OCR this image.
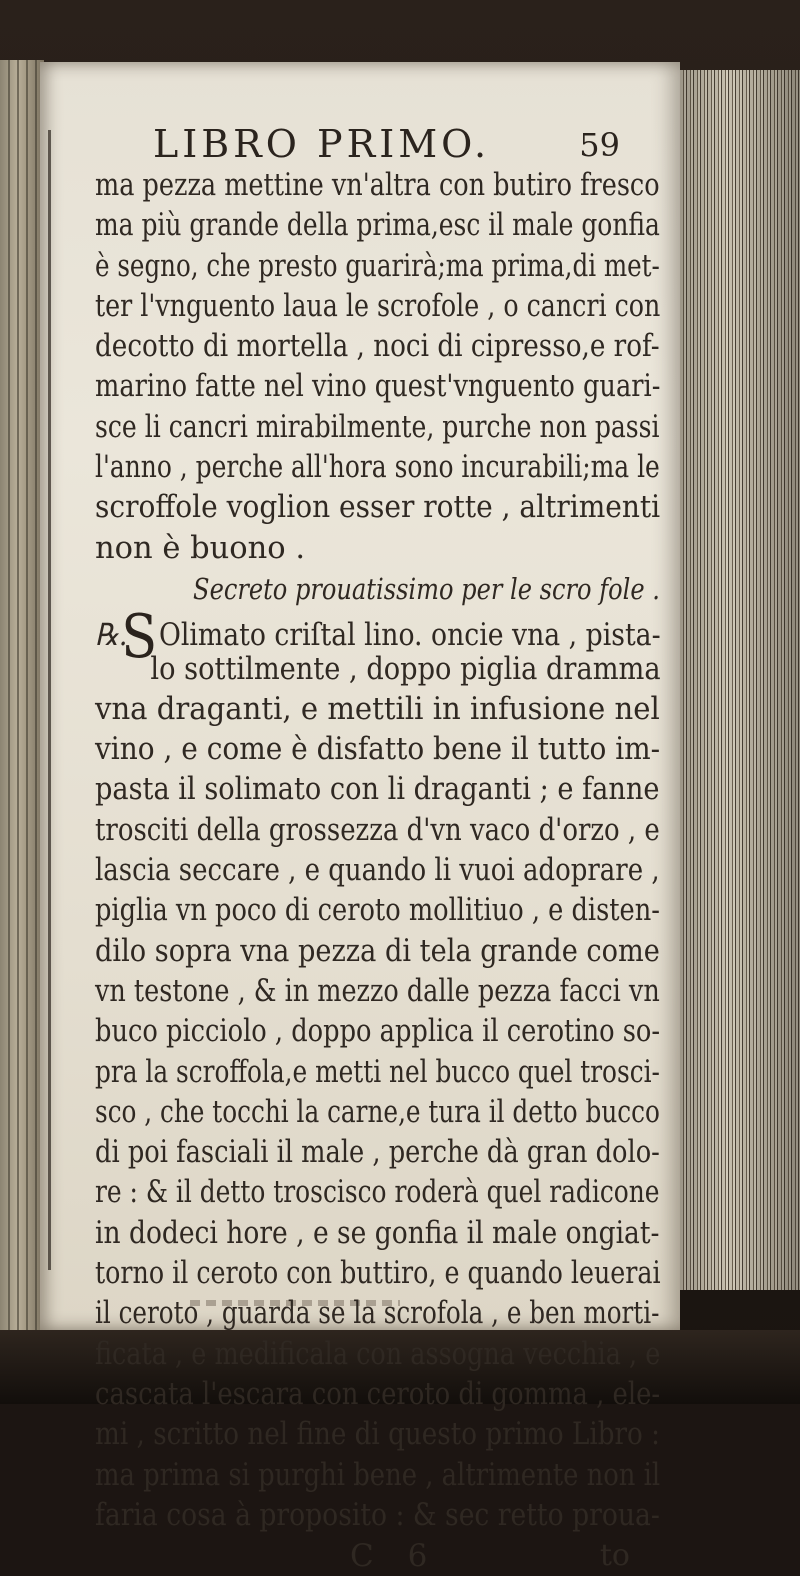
LIBRO PRIMO.	59
ma pezza mettine vn'altra con butiro fresco
ma più grande della prima,esc il male gonfia
è segno, che presto guarirà;ma prima,di met-
ter l'vnguento laua le scrofole , o cancri con
decotto di mortella , noci di cipresso,e rof-
marino fatte nel vino quest'vnguento guari-
sce li cancri mirabilmente, purche non passi
l'anno , perche all'hora sono incurabili;ma le
scroffole voglion esser rotte , altrimenti
non è buono .
Secreto prouatissimo per le scro fole .
℞.SOlimato criſtal lino. oncie vna , pista-
lo sottilmente , doppo piglia dramma
vna draganti, e mettili in infusione nel
vino , e come è disfatto bene il tutto im-
pasta il solimato con li draganti ; e fanne
trosciti della grossezza d'vn vaco d'orzo , e
lascia seccare , e quando li vuoi adoprare ,
piglia vn poco di ceroto mollitiuo , e disten-
dilo sopra vna pezza di tela grande come
vn testone , & in mezzo dalle pezza facci vn
buco picciolo , doppo applica il cerotino so-
pra la scroffola,e metti nel bucco quel trosci-
sco , che tocchi la carne,e tura il detto bucco
di poi fasciali il male , perche dà gran dolo-
re : & il detto troscisco roderà quel radicone
in dodeci hore , e se gonfia il male ongiat-
torno il ceroto con buttiro, e quando leuerai
il ceroto , guarda se la scrofola , e ben morti-
ficata , e medificala con assogna vecchia , e
cascata l'escara con ceroto di gomma , ele-
mi , scritto nel fine di questo primo Libro :
ma prima si purghi bene , altrimente non il
faria cosa à proposito : & sec retto proua-
C 6	to
